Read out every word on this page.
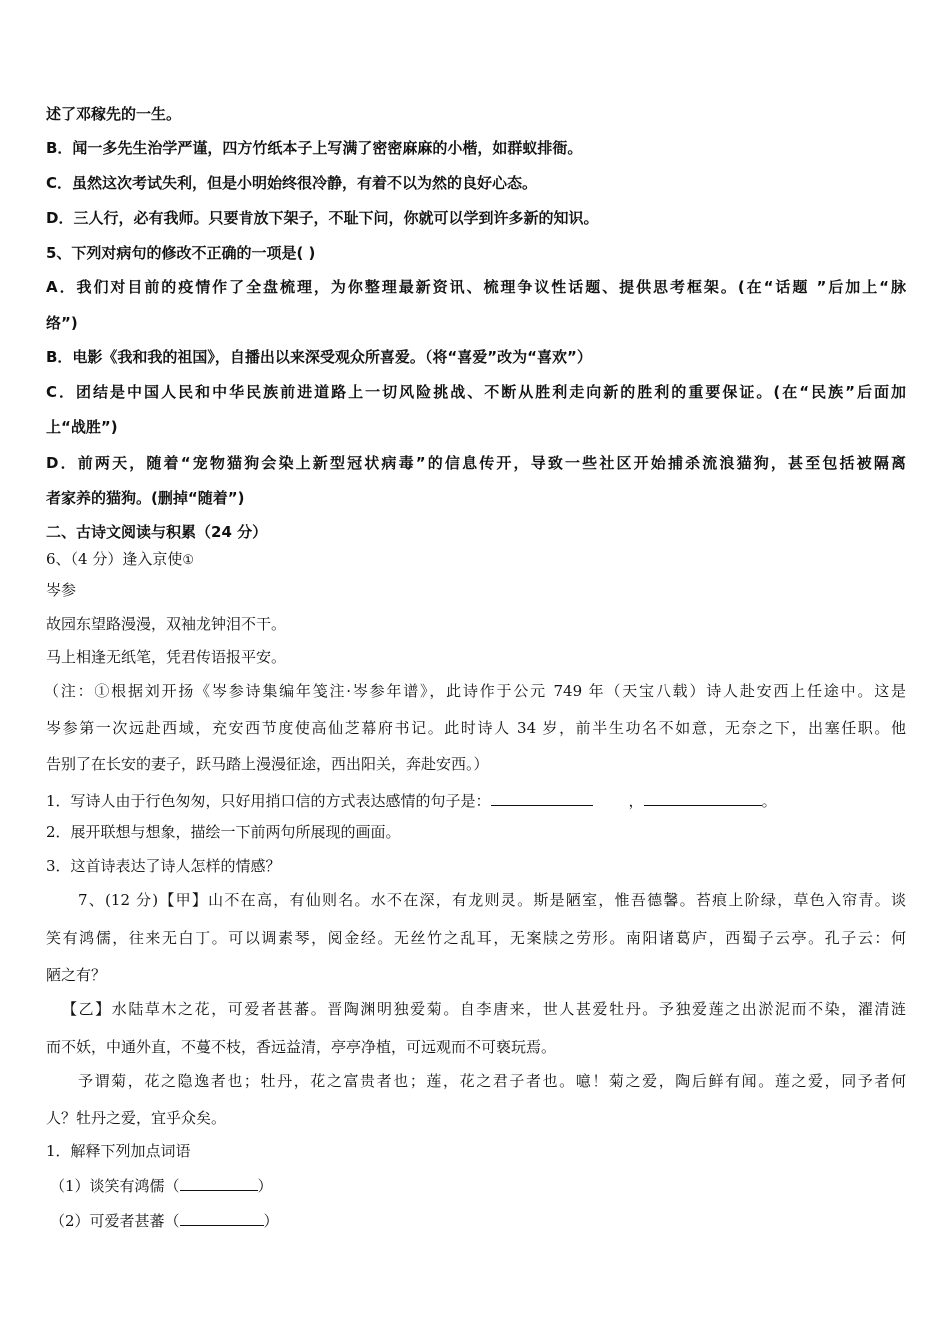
述了邓稼先的一生。
B．闻一多先生治学严谨，四方竹纸本子上写满了密密麻麻的小楷，如群蚁排衙。
C．虽然这次考试失利，但是小明始终很冷静，有着不以为然的良好心态。
D．三人行，必有我师。只要肯放下架子，不耻下问，你就可以学到许多新的知识。
5、下列对病句的修改不正确的一项是( )
A．我们对目前的疫情作了全盘梳理，为你整理最新资讯、梳理争议性话题、提供思考框架。(在“话题 ”后加上“脉
络”)
B．电影《我和我的祖国》，自播出以来深受观众所喜爱。（将“喜爱”改为“喜欢”）
C．团结是中国人民和中华民族前进道路上一切风险挑战、不断从胜利走向新的胜利的重要保证。(在“民族”后面加
上“战胜”)
D．前两天，随着“宠物猫狗会染上新型冠状病毒”的信息传开，导致一些社区开始捕杀流浪猫狗，甚至包括被隔离
者家养的猫狗。(删掉“随着”)
二、古诗文阅读与积累（24 分）
6、（4 分）逢入京使①
岑参
故园东望路漫漫，双袖龙钟泪不干。
马上相逢无纸笔，凭君传语报平安。
（注：①根据刘开扬《岑参诗集编年笺注·岑参年谱》，此诗作于公元 749 年（天宝八载）诗人赴安西上任途中。这是
岑参第一次远赴西域，充安西节度使高仙芝幕府书记。此时诗人 34 岁，前半生功名不如意，无奈之下，出塞任职。他
告别了在长安的妻子，跃马踏上漫漫征途，西出阳关，奔赴安西。）
1．写诗人由于行色匆匆，只好用捎口信的方式表达感情的句子是：	，	。
2．展开联想与想象，描绘一下前两句所展现的画面。
3．这首诗表达了诗人怎样的情感？
7、(12 分)【甲】山不在高，有仙则名。水不在深，有龙则灵。斯是陋室，惟吾德馨。苔痕上阶绿，草色入帘青。谈
笑有鸿儒，往来无白丁。可以调素琴，阅金经。无丝竹之乱耳，无案牍之劳形。南阳诸葛庐，西蜀子云亭。孔子云：何
陋之有？
【乙】水陆草木之花，可爱者甚蕃。晋陶渊明独爱菊。自李唐来，世人甚爱牡丹。予独爱莲之出淤泥而不染，濯清涟
而不妖，中通外直，不蔓不枝，香远益清，亭亭净植，可远观而不可亵玩焉。
予谓菊，花之隐逸者也；牡丹，花之富贵者也；莲，花之君子者也。噫！菊之爱，陶后鲜有闻。莲之爱，同予者何
人？牡丹之爱，宜乎众矣。
1．解释下列加点词语
（1）谈笑有鸿儒（	）
（2）可爱者甚蕃（	）
